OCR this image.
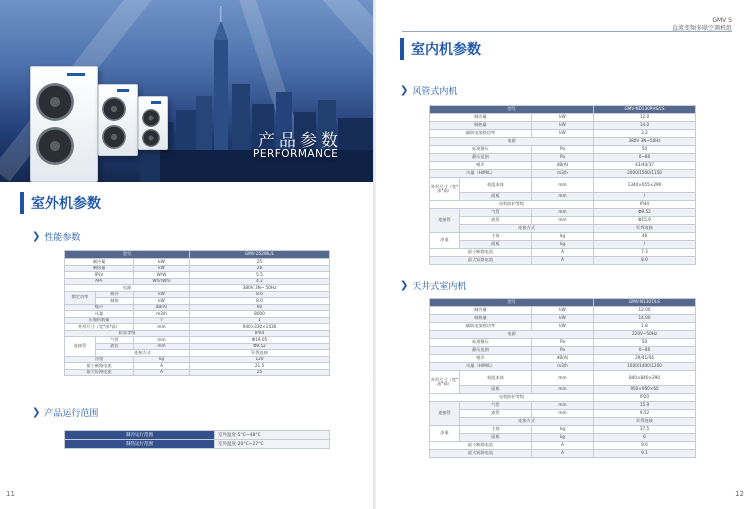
产品参数
PERFORMANCE
室外机参数
❯ 性能参数
型号			GMV-252WL/L
制冷量		kW	25
制热量		kW	26
IPLV		W/W	5.5
APF		Wh/(Wh)	4.2
电源			380V 3N~ 50Hz
额定功率	制冷	kW	8.6
	制热	kW	8.0
噪声		dB(A)	60
风量		m3/h	8000
压缩机数量		个	1
外形尺寸（宽*深*高）		mm	940×330×1430
防冻等级			IPX4
连接管	气管	mm	Φ19.05
	液管	mm	Φ9.52
	连接方式		钎焊连接
净重		kg	120
最小断路电流		A	21.5
最大短路电流		A	25
❯ 产品运行范围
制冷运行范围	室外温度-5°C~48°C
制热运行范围	室外温度-20°C~27°C
11
GMV S
直流变频多联空调机组
室内机参数
❯ 风管式内机
型号			GMV-ND130PHS/LS
制冷量		kW	12.0
制热量		kW	14.0
辅助电加热功率		kW	3.2
电源			380V 3N~50Hz
标准静压		Pa	50
静压范围		Pa	0~80
噪声		dB(A)	43/40/37
风量（H/M/L）		m3/h	2000/1500/1150
外形尺寸（宽*深*高）	机组本体	mm	1340×655×290
	面板	mm	/
电机防护等级			IP44
连接管	气管	mm	Φ9.52
	液管	mm	Φ15.9
	连接方式		钎焊连接
净重	主体	kg	46
	面板	kg	/
最小断路电流		A	7.3
最大短路电流		A	8.0
❯ 天井式室内机
型号			GMV-N130T/LS
制冷量		kW	12.00
制热量		kW	14.00
辅助电加热功率		kW	1.8
电源			220V~50Hz
标准静压		Pa	50
静压范围		Pa	0~80
噪声		dB(A)	29/41/44
风量（H/M/L）		m3/h	1600/1400/1200
外形尺寸（宽*深*高）	机组本体	mm	840×840×290
	面板	mm	950×950×65
电机防护等级			IP20
连接管	气管	mm	15.9
	液管	mm	9.52
	连接方式		钎焊连接
净重	主体	kg	37.5
	面板	kg	6
最小断路电流		A	9.6
最大短路电流		A	9.1
12
